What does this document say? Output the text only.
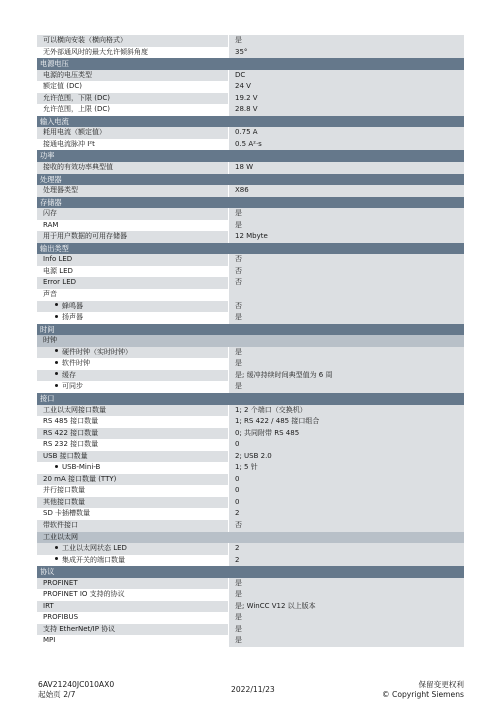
可以横向安装（横向格式）	是
无外部通风时的最大允许倾斜角度	35°
电源电压
电源的电压类型	DC
额定值 (DC)	24 V
允许范围，下限 (DC)	19.2 V
允许范围，上限 (DC)	28.8 V
输入电流
耗用电流（额定值）	0.75 A
接通电流脉冲 I²t	0.5 A²·s
功率
接收的有效功率典型值	18 W
处理器
处理器类型	X86
存储器
闪存	是
RAM	是
用于用户数据的可用存储器	12 Mbyte
输出类型
Info LED	否
电源 LED	否
Error LED	否
声音
蜂鸣器	否
扬声器	是
时间
时钟
硬件时钟（实时时钟）	是
软件时钟	是
缓存	是; 缓冲持续时间典型值为 6 周
可同步	是
接口
工业以太网接口数量	1; 2 个端口（交换机）
RS 485 接口数量	1; RS 422 / 485 接口组合
RS 422 接口数量	0; 共同附带 RS 485
RS 232 接口数量	0
USB 接口数量	2; USB 2.0
USB-Mini-B	1; 5 针
20 mA 接口数量 (TTY)	0
并行接口数量	0
其他接口数量	0
SD 卡插槽数量	2
带软件接口	否
工业以太网
工业以太网状态 LED	2
集成开关的端口数量	2
协议
PROFINET	是
PROFINET IO 支持的协议	是
IRT	是; WinCC V12 以上版本
PROFIBUS	是
支持 EtherNet/IP 协议	是
MPI	是
6AV21240JC010AX0
起始页 2/7
2022/11/23
保留变更权利
© Copyright Siemens
